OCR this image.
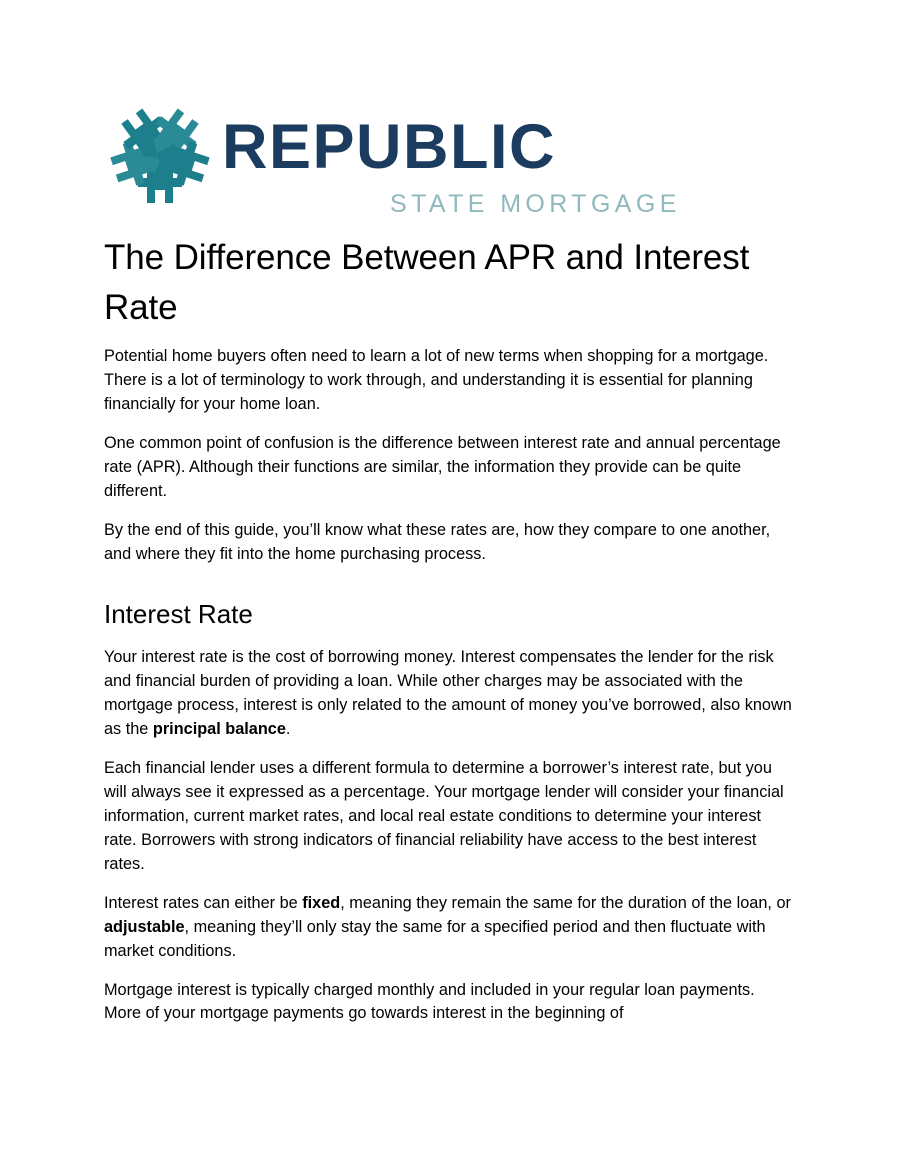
REPUBLIC
STATE MORTGAGE
The Difference Between APR and Interest Rate

Potential home buyers often need to learn a lot of new terms when shopping for a mortgage. There is a lot of terminology to work through, and understanding it is essential for planning financially for your home loan.

One common point of confusion is the difference between interest rate and annual percentage rate (APR). Although their functions are similar, the information they provide can be quite different.

By the end of this guide, you’ll know what these rates are, how they compare to one another, and where they fit into the home purchasing process.

Interest Rate

Your interest rate is the cost of borrowing money. Interest compensates the lender for the risk and financial burden of providing a loan. While other charges may be associated with the mortgage process, interest is only related to the amount of money you’ve borrowed, also known as the principal balance.

Each financial lender uses a different formula to determine a borrower’s interest rate, but you will always see it expressed as a percentage. Your mortgage lender will consider your financial information, current market rates, and local real estate conditions to determine your interest rate. Borrowers with strong indicators of financial reliability have access to the best interest rates.

Interest rates can either be fixed, meaning they remain the same for the duration of the loan, or adjustable, meaning they’ll only stay the same for a specified period and then fluctuate with market conditions.

Mortgage interest is typically charged monthly and included in your regular loan payments. More of your mortgage payments go towards interest in the beginning of
